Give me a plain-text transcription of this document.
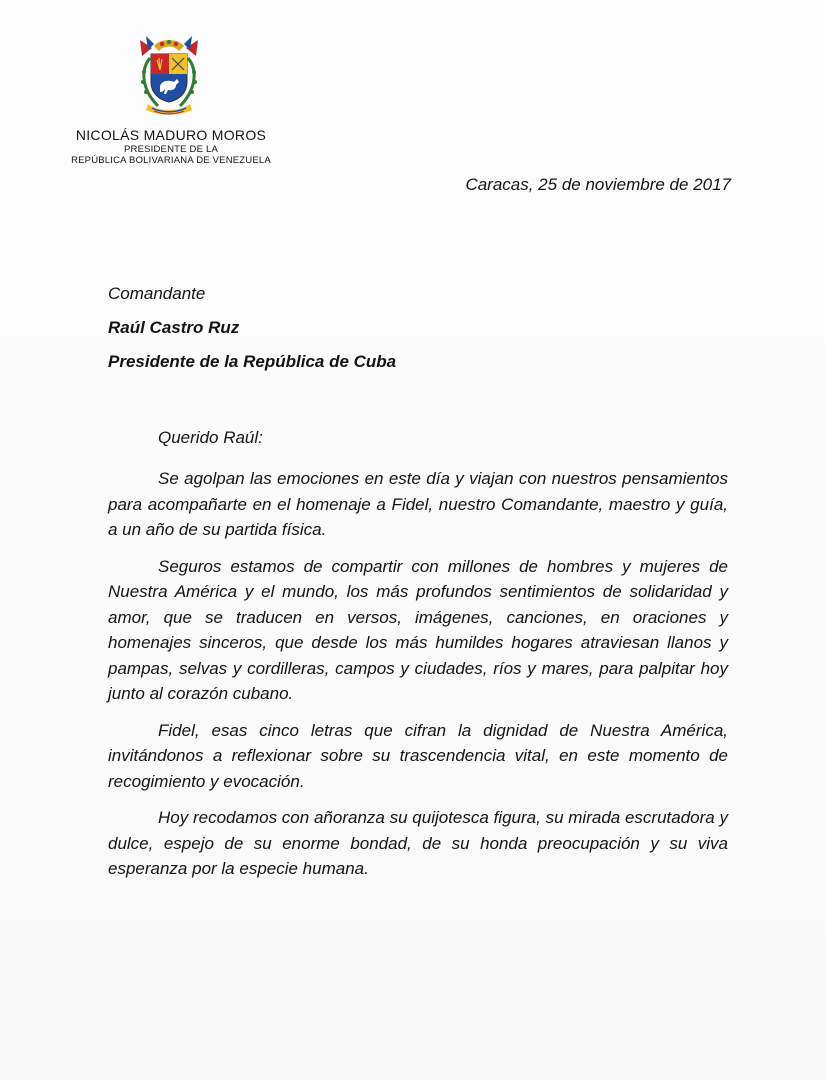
NICOLÁS MADURO MOROS
PRESIDENTE DE LA
REPÚBLICA BOLIVARIANA DE VENEZUELA
Caracas, 25 de noviembre de 2017
Comandante
Raúl Castro Ruz
Presidente de la República de Cuba
Querido Raúl:

Se agolpan las emociones en este día y viajan con nuestros pensamientos para acompañarte en el homenaje a Fidel, nuestro Comandante, maestro y guía, a un año de su partida física.

Seguros estamos de compartir con millones de hombres y mujeres de Nuestra América y el mundo, los más profundos sentimientos de solidaridad y amor, que se traducen en versos, imágenes, canciones, en oraciones y homenajes sinceros, que desde los más humildes hogares atraviesan llanos y pampas, selvas y cordilleras, campos y ciudades, ríos y mares, para palpitar hoy junto al corazón cubano.

Fidel, esas cinco letras que cifran la dignidad de Nuestra América, invitándonos a reflexionar sobre su trascendencia vital, en este momento de recogimiento y evocación.

Hoy recodamos con añoranza su quijotesca figura, su mirada escrutadora y dulce, espejo de su enorme bondad, de su honda preocupación y su viva esperanza por la especie humana.
